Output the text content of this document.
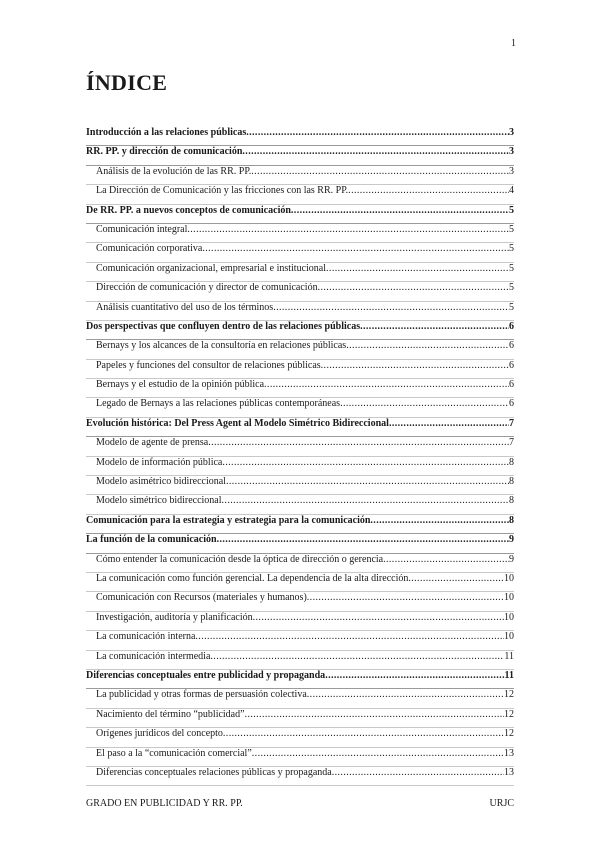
1
ÍNDICE
Introducción a las relaciones públicas .....	3
RR. PP. y dirección de comunicación .....	3
Análisis de la evolución de las RR. PP. .....	3
La Dirección de Comunicación y las fricciones con las RR. PP. .....	4
De RR. PP. a nuevos conceptos de comunicación .....	5
Comunicación integral .....	5
Comunicación corporativa .....	5
Comunicación organizacional, empresarial e institucional .....	5
Dirección de comunicación y director de comunicación .....	5
Análisis cuantitativo del uso de los términos .....	5
Dos perspectivas que confluyen dentro de las relaciones públicas .....	6
Bernays y los alcances de la consultoría en relaciones públicas .....	6
Papeles y funciones del consultor de relaciones públicas .....	6
Bernays y el estudio de la opinión pública .....	6
Legado de Bernays a las relaciones públicas contemporáneas .....	6
Evolución histórica: Del Press Agent al Modelo Simétrico Bidireccional .....	7
Modelo de agente de prensa .....	7
Modelo de información pública .....	8
Modelo asimétrico bidireccional .....	8
Modelo simétrico bidireccional .....	8
Comunicación para la estrategia y estrategia para la comunicación .....	8
La función de la comunicación .....	9
Cómo entender la comunicación desde la óptica de dirección o gerencia .....	9
La comunicación como función gerencial. La dependencia de la alta dirección .....	10
Comunicación con Recursos (materiales y humanos) .....	10
Investigación, auditoría y planificación .....	10
La comunicación interna .....	10
La comunicación intermedia .....	11
Diferencias conceptuales entre publicidad y propaganda .....	11
La publicidad y otras formas de persuasión colectiva .....	12
Nacimiento del término “publicidad” .....	12
Orígenes jurídicos del concepto .....	12
El paso a la “comunicación comercial” .....	13
Diferencias conceptuales relaciones públicas y propaganda .....	13
GRADO EN PUBLICIDAD Y RR. PP.	URJC
